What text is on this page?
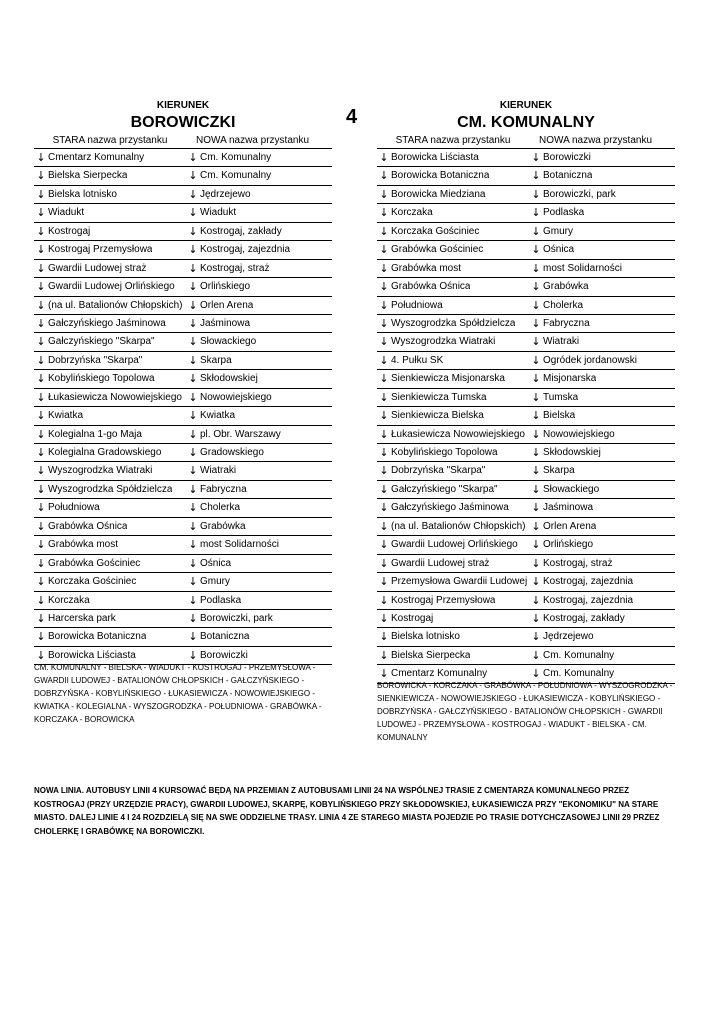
4
KIERUNEK
BOROWICZKI
STARA nazwa przystanku	NOWA nazwa przystanku
↓ Cmentarz Komunalny	↓ Cm. Komunalny
↓ Bielska Sierpecka	↓ Cm. Komunalny
↓ Bielska lotnisko	↓ Jędrzejewo
↓ Wiadukt	↓ Wiadukt
↓ Kostrogaj	↓ Kostrogaj, zakłady
↓ Kostrogaj Przemysłowa	↓ Kostrogaj, zajezdnia
↓ Gwardii Ludowej straż	↓ Kostrogaj, straż
↓ Gwardii Ludowej Orlińskiego ↓ Orlińskiego
↓ (na ul. Batalionów Chłopskich) ↓ Orlen Arena
↓ Gałczyńskiego Jaśminowa ↓ Jaśminowa
↓ Gałczyńskiego "Skarpa"	↓ Słowackiego
↓ Dobrzyńska "Skarpa"	↓ Skarpa
↓ Kobylińskiego Topolowa	↓ Skłodowskiej
↓ Łukasiewicza Nowowiejskiego ↓ Nowowiejskiego
↓ Kwiatka	↓ Kwiatka
↓ Kolegialna 1-go Maja	↓ pl. Obr. Warszawy
↓ Kolegialna Gradowskiego ↓ Gradowskiego
↓ Wyszogrodzka Wiatraki	↓ Wiatraki
↓ Wyszogrodzka Spółdzielcza ↓ Fabryczna
↓ Południowa	↓ Cholerka
↓ Grabówka Ośnica	↓ Grabówka
↓ Grabówka most	↓ most Solidarności
↓ Grabówka Gościniec	↓ Ośnica
↓ Korczaka Gościniec	↓ Gmury
↓ Korczaka	↓ Podlaska
↓ Harcerska park	↓ Borowiczki, park
↓ Borowicka Botaniczna	↓ Botaniczna
↓ Borowicka Liściasta	↓ Borowiczki
KIERUNEK
CM. KOMUNALNY
STARA nazwa przystanku	NOWA nazwa przystanku
↓ Borowicka Liściasta	↓ Borowiczki
↓ Borowicka Botaniczna	↓ Botaniczna
↓ Borowicka Miedziana	↓ Borowiczki, park
↓ Korczaka	↓ Podlaska
↓ Korczaka Gościniec	↓ Gmury
↓ Grabówka Gościniec	↓ Ośnica
↓ Grabówka most	↓ most Solidarności
↓ Grabówka Ośnica	↓ Grabówka
↓ Południowa	↓ Cholerka
↓ Wyszogrodzka Spółdzielcza ↓ Fabryczna
↓ Wyszogrodzka Wiatraki	↓ Wiatraki
↓ 4. Pułku SK	↓ Ogródek jordanowski
↓ Sienkiewicza Misjonarska ↓ Misjonarska
↓ Sienkiewicza Tumska	↓ Tumska
↓ Sienkiewicza Bielska	↓ Bielska
↓ Łukasiewicza Nowowiejskiego ↓ Nowowiejskiego
↓ Kobylińskiego Topolowa	↓ Skłodowskiej
↓ Dobrzyńska "Skarpa"	↓ Skarpa
↓ Gałczyńskiego "Skarpa"	↓ Słowackiego
↓ Gałczyńskiego Jaśminowa ↓ Jaśminowa
↓ (na ul. Batalionów Chłopskich) ↓ Orlen Arena
↓ Gwardii Ludowej Orlińskiego ↓ Orlińskiego
↓ Gwardii Ludowej straż	↓ Kostrogaj, straż
↓ Przemysłowa Gwardii Ludowej ↓ Kostrogaj, zajezdnia
↓ Kostrogaj Przemysłowa	↓ Kostrogaj, zajezdnia
↓ Kostrogaj	↓ Kostrogaj, zakłady
↓ Bielska lotnisko	↓ Jędrzejewo
↓ Bielska Sierpecka	↓ Cm. Komunalny
↓ Cmentarz Komunalny	↓ Cm. Komunalny
CM. KOMUNALNY - BIELSKA - WIADUKT - KOSTROGAJ - PRZEMYSŁOWA - GWARDII LUDOWEJ - BATALIONÓW CHŁOPSKICH - GAŁCZYŃSKIEGO - DOBRZYŃSKA - KOBYLIŃSKIEGO - ŁUKASIEWICZA - NOWOWIEJSKIEGO - KWIATKA - KOLEGIALNA - WYSZOGRODZKA - POŁUDNIOWA - GRABÓWKA - KORCZAKA - BOROWICKA
BOROWICKA - KORCZAKA - GRABÓWKA - POŁUDNIOWA - WYSZOGRODZKA - SIENKIEWICZA - NOWOWIEJSKIEGO - ŁUKASIEWICZA - KOBYLIŃSKIEGO - DOBRZYŃSKA - GAŁCZYŃSKIEGO - BATALIONÓW CHŁOPSKICH - GWARDII LUDOWEJ - PRZEMYSŁOWA - KOSTROGAJ - WIADUKT - BIELSKA - CM. KOMUNALNY
NOWA LINIA. AUTOBUSY LINII 4 KURSOWAĆ BĘDĄ NA PRZEMIAN Z AUTOBUSAMI LINII 24 NA WSPÓLNEJ TRASIE Z CMENTARZA KOMUNALNEGO PRZEZ KOSTROGAJ (PRZY URZĘDZIE PRACY), GWARDII LUDOWEJ, SKARPĘ, KOBYLIŃSKIEGO PRZY SKŁODOWSKIEJ, ŁUKASIEWICZA PRZY "EKONOMIKU" NA STARE MIASTO. DALEJ LINIE 4 I 24 ROZDZIELĄ SIĘ NA SWE ODDZIELNE TRASY. LINIA 4 ZE STAREGO MIASTA POJEDZIE PO TRASIE DOTYCHCZASOWEJ LINII 29 PRZEZ CHOLERKĘ I GRABÓWKĘ NA BOROWICZKI.
